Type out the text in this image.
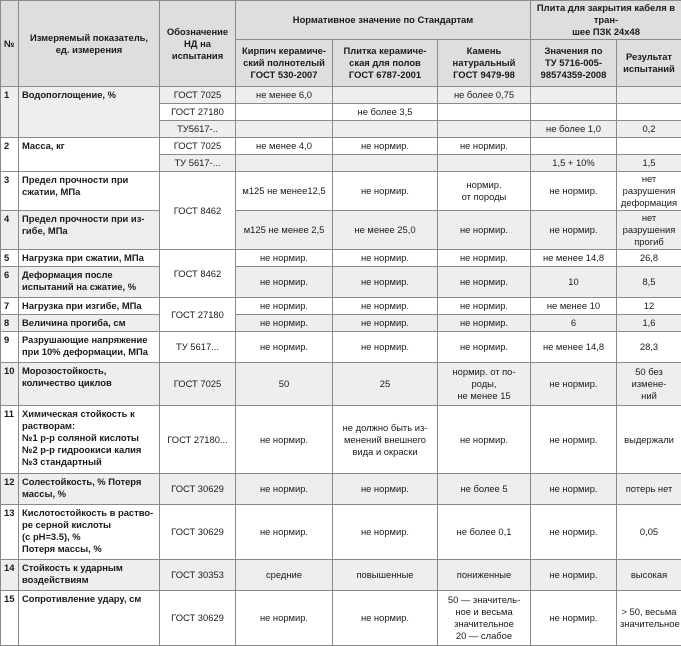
№	Измеряемый показатель,
ед. измерения	Обозначение
НД на
испытания	Нормативное значение по Стандартам			Плита для закрытия кабеля в тран-
шее ПЗК 24х48	
			Кирпич керамиче-
ский полнотелый
ГОСТ 530-2007	Плитка керамиче-
ская для полов
ГОСТ 6787-2001	Камень
натуральный
ГОСТ 9479-98	Значения по
ТУ 5716-005-
98574359-2008	Результат
испытаний
1	Водопоглощение, %	ГОСТ 7025	не менее 6,0		не более 0,75		
		ГОСТ 27180		не более 3,5			
		ТУ5617-..				не более 1,0	0,2
2	Масса, кг	ГОСТ 7025	не менее 4,0	не нормир.	не нормир.		
		ТУ 5617-...				1,5 + 10%	1,5
3	Предел прочности при
сжатии, МПа	ГОСТ 8462	м125 не менее12,5	не нормир.	нормир.
от породы	не нормир.	нет разрушения
деформация
4	Предел прочности при из-
гибе, МПа		м125 не менее 2,5	не менее 25,0	не нормир.	не нормир.	нет разрушения
прогиб
5	Нагрузка при сжатии, МПа	ГОСТ 8462	не нормир.	не нормир.	не нормир.	не менее 14,8	26,8
6	Деформация после
испытаний на сжатие, %		не нормир.	не нормир.	не нормир.	10	8,5
7	Нагрузка при изгибе, МПа	ГОСТ 27180	не нормир.	не нормир.	не нормир.	не менее 10	12
8	Величина прогиба, см		не нормир.	не нормир.	не нормир.	6	1,6
9	Разрушающие напряжение
при 10% деформации, МПа	ТУ 5617...	не нормир.	не нормир.	не нормир.	не менее 14,8	28,3
10	Морозостойкость,
количество циклов	ГОСТ 7025	50	25	нормир. от по-
роды,
не менее 15	не нормир.	50 без измене-
ний
11	Химическая стойкость к
растворам:
№1 р-р соляной кислоты
№2 р-р гидроокиси калия
№3 стандартный	ГОСТ 27180...	не нормир.	не должно быть из-
менений внешнего
вида и окраски	не нормир.	не нормир.	выдержали
12	Солестойкость, % Потеря
массы, %	ГОСТ 30629	не нормир.	не нормир.	не более 5	не нормир.	потерь нет
13	Кислотостойкость в раство-
ре серной кислоты
(с рН=3.5), %
Потеря массы, %	ГОСТ 30629	не нормир.	не нормир.	не более 0,1	не нормир.	0,05
14	Стойкость к ударным
воздействиям	ГОСТ 30353	средние	повышенные	пониженные	не нормир.	высокая
15	Сопротивление удару, см	ГОСТ 30629	не нормир.	не нормир.	50 — значитель-
ное и весьма
значительное
20 — слабое	не нормир.	> 50, весьма
значительное
